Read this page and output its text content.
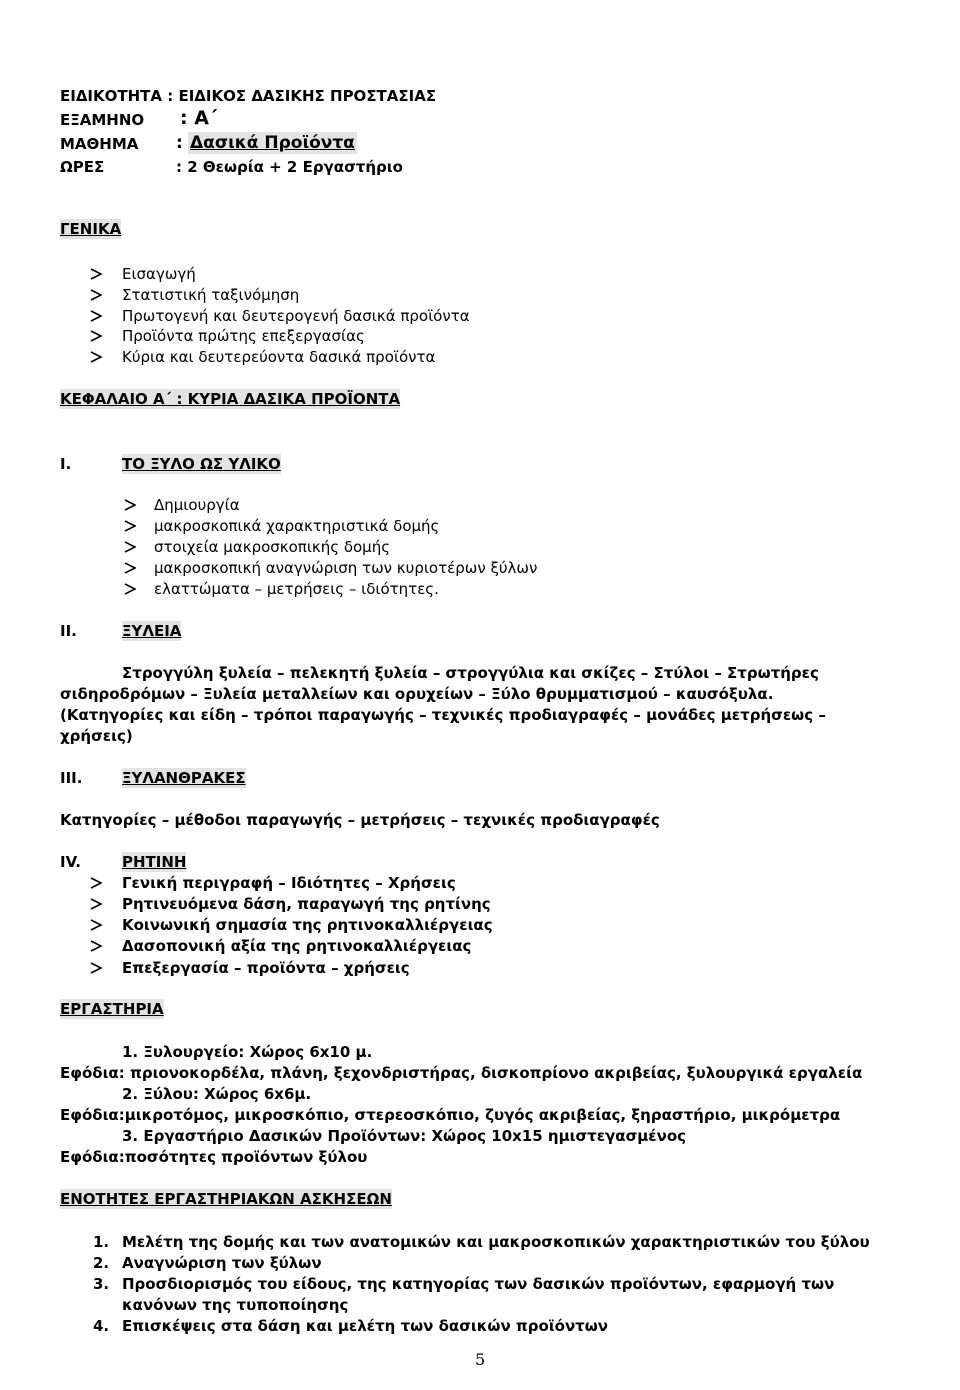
ΕΙΔΙΚΟΤΗΤΑ : ΕΙΔΙΚΟΣ ΔΑΣΙΚΗΣ ΠΡΟΣΤΑΣΙΑΣ
ΕΞΑΜΗΝΟ : Α΄
ΜΑΘΗΜΑ : Δασικά Προϊόντα
ΩΡΕΣ	: 2 Θεωρία + 2 Εργαστήριο
ΓΕΝΙΚΑ
Εισαγωγή
Στατιστική ταξινόμηση
Πρωτογενή και δευτερογενή δασικά προϊόντα
Προϊόντα πρώτης επεξεργασίας
Κύρια και δευτερεύοντα δασικά προϊόντα
ΚΕΦΑΛΑΙΟ Α΄ : ΚΥΡΙΑ ΔΑΣΙΚΑ ΠΡΟΪΟΝΤΑ
I.	ΤΟ ΞΥΛΟ ΩΣ ΥΛΙΚΟ
Δημιουργία
μακροσκοπικά χαρακτηριστικά δομής
στοιχεία μακροσκοπικής δομής
μακροσκοπική αναγνώριση των κυριοτέρων ξύλων
ελαττώματα – μετρήσεις – ιδιότητες.
II.	ΞΥΛΕΙΑ
Στρογγύλη ξυλεία – πελεκητή ξυλεία – στρογγύλια και σκίζες – Στύλοι – Στρωτήρες
σιδηροδρόμων – Ξυλεία μεταλλείων και ορυχείων – Ξύλο θρυμματισμού – καυσόξυλα.
(Κατηγορίες και είδη – τρόποι παραγωγής – τεχνικές προδιαγραφές – μονάδες μετρήσεως –
χρήσεις)
III.	ΞΥΛΑΝΘΡΑΚΕΣ
Κατηγορίες – μέθοδοι παραγωγής – μετρήσεις – τεχνικές προδιαγραφές
IV.	ΡΗΤΙΝΗ
Γενική περιγραφή – Ιδιότητες – Χρήσεις
Ρητινευόμενα δάση, παραγωγή της ρητίνης
Κοινωνική σημασία της ρητινοκαλλιέργειας
Δασοπονική αξία της ρητινοκαλλιέργειας
Επεξεργασία – προϊόντα – χρήσεις
ΕΡΓΑΣΤΗΡΙΑ
1. Ξυλουργείο: Χώρος 6x10 μ.
Εφόδια: πριονοκορδέλα, πλάνη, ξεχονδριστήρας, δισκοπρίονο ακριβείας, ξυλουργικά εργαλεία
2. Ξύλου: Χώρος 6x6μ.
Εφόδια:μικροτόμος, μικροσκόπιο, στερεοσκόπιο, ζυγός ακριβείας, ξηραστήριο, μικρόμετρα
3. Εργαστήριο Δασικών Προϊόντων: Χώρος 10x15 ημιστεγασμένος
Εφόδια:ποσότητες προϊόντων ξύλου
ΕΝΟΤΗΤΕΣ ΕΡΓΑΣΤΗΡΙΑΚΩΝ ΑΣΚΗΣΕΩΝ
1. Μελέτη της δομής και των ανατομικών και μακροσκοπικών χαρακτηριστικών του ξύλου
2. Αναγνώριση των ξύλων
3. Προσδιορισμός του είδους, της κατηγορίας των δασικών προϊόντων, εφαρμογή των
κανόνων της τυποποίησης
4. Επισκέψεις στα δάση και μελέτη των δασικών προϊόντων
5
